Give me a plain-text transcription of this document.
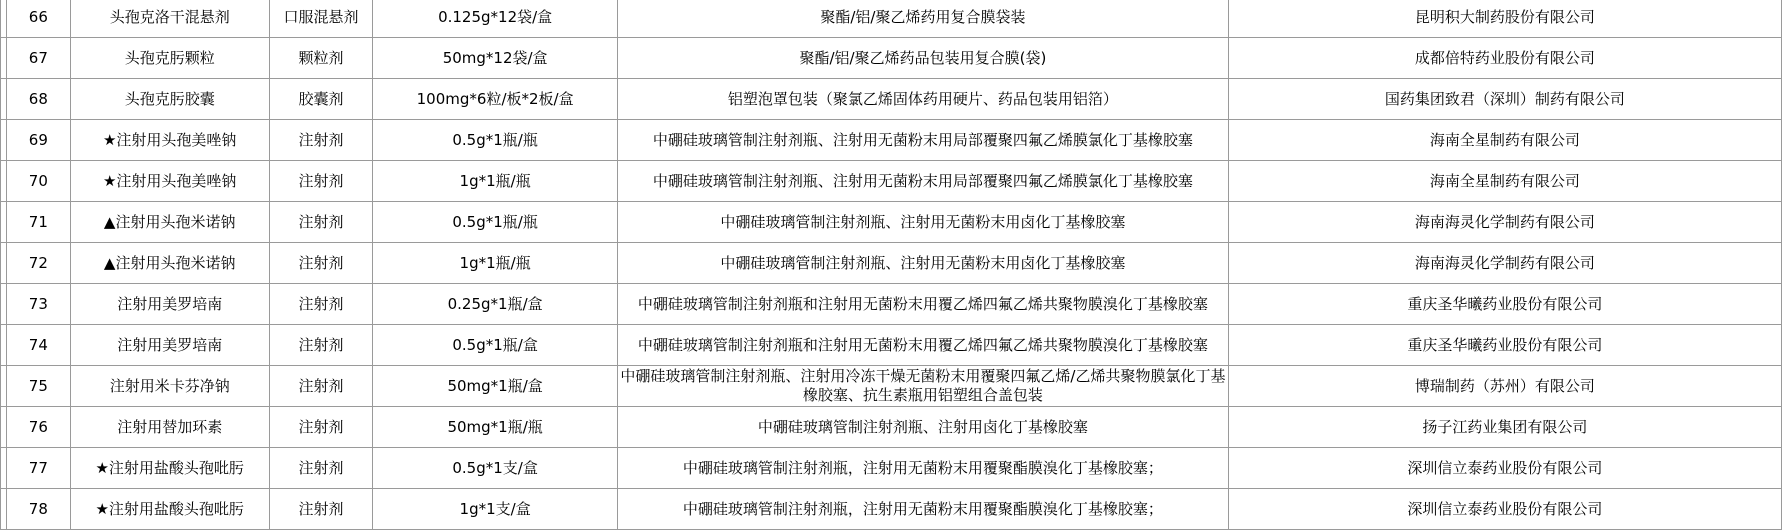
	66	头孢克洛干混悬剂	口服混悬剂	0.125g*12袋/盒	聚酯/铝/聚乙烯药用复合膜袋装	昆明积大制药股份有限公司
	67	头孢克肟颗粒	颗粒剂	50mg*12袋/盒	聚酯/铝/聚乙烯药品包装用复合膜(袋)	成都倍特药业股份有限公司
	68	头孢克肟胶囊	胶囊剂	100mg*6粒/板*2板/盒	铝塑泡罩包装（聚氯乙烯固体药用硬片、药品包装用铝箔）	国药集团致君（深圳）制药有限公司
	69	★注射用头孢美唑钠	注射剂	0.5g*1瓶/瓶	中硼硅玻璃管制注射剂瓶、注射用无菌粉末用局部覆聚四氟乙烯膜氯化丁基橡胶塞	海南全星制药有限公司
	70	★注射用头孢美唑钠	注射剂	1g*1瓶/瓶	中硼硅玻璃管制注射剂瓶、注射用无菌粉末用局部覆聚四氟乙烯膜氯化丁基橡胶塞	海南全星制药有限公司
	71	▲注射用头孢米诺钠	注射剂	0.5g*1瓶/瓶	中硼硅玻璃管制注射剂瓶、注射用无菌粉末用卤化丁基橡胶塞	海南海灵化学制药有限公司
	72	▲注射用头孢米诺钠	注射剂	1g*1瓶/瓶	中硼硅玻璃管制注射剂瓶、注射用无菌粉末用卤化丁基橡胶塞	海南海灵化学制药有限公司
	73	注射用美罗培南	注射剂	0.25g*1瓶/盒	中硼硅玻璃管制注射剂瓶和注射用无菌粉末用覆乙烯四氟乙烯共聚物膜溴化丁基橡胶塞	重庆圣华曦药业股份有限公司
	74	注射用美罗培南	注射剂	0.5g*1瓶/盒	中硼硅玻璃管制注射剂瓶和注射用无菌粉末用覆乙烯四氟乙烯共聚物膜溴化丁基橡胶塞	重庆圣华曦药业股份有限公司
	75	注射用米卡芬净钠	注射剂	50mg*1瓶/盒	中硼硅玻璃管制注射剂瓶、注射用冷冻干燥无菌粉末用覆聚四氟乙烯/乙烯共聚物膜氯化丁基橡胶塞、抗生素瓶用铝塑组合盖包装	博瑞制药（苏州）有限公司
	76	注射用替加环素	注射剂	50mg*1瓶/瓶	中硼硅玻璃管制注射剂瓶、注射用卤化丁基橡胶塞	扬子江药业集团有限公司
	77	★注射用盐酸头孢吡肟	注射剂	0.5g*1支/盒	中硼硅玻璃管制注射剂瓶，注射用无菌粉末用覆聚酯膜溴化丁基橡胶塞；	深圳信立泰药业股份有限公司
	78	★注射用盐酸头孢吡肟	注射剂	1g*1支/盒	中硼硅玻璃管制注射剂瓶，注射用无菌粉末用覆聚酯膜溴化丁基橡胶塞；	深圳信立泰药业股份有限公司
